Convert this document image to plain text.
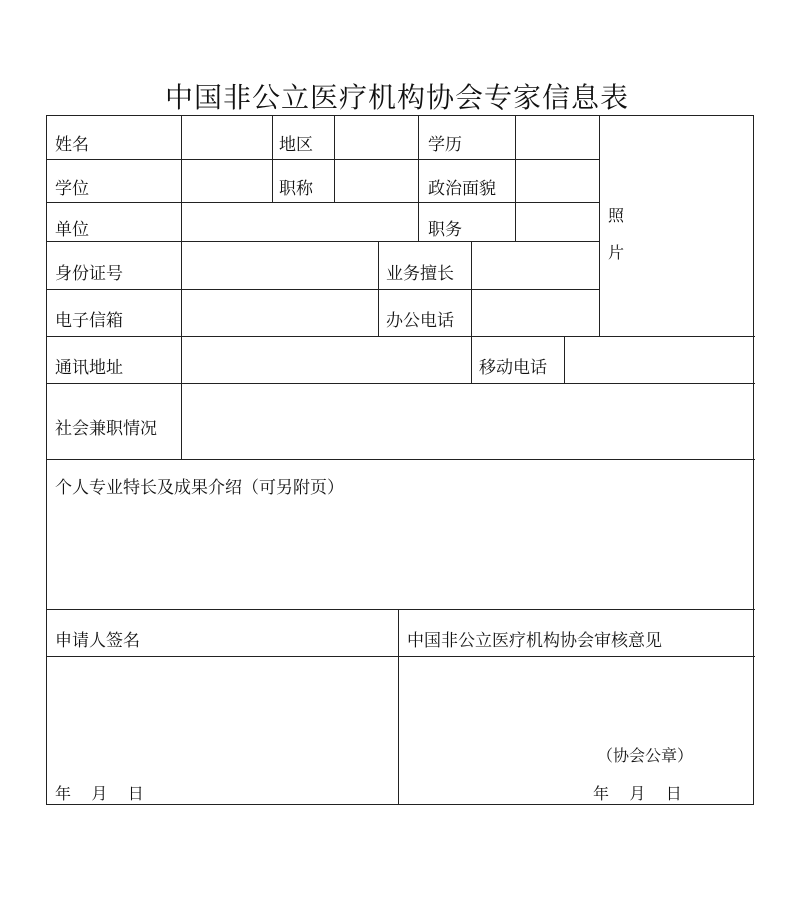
中国非公立医疗机构协会专家信息表
姓名	地区	学历
学位	职称	政治面貌
单位	职务
身份证号	业务擅长
电子信箱	办公电话
照
片
通讯地址	移动电话
社会兼职情况
个人专业特长及成果介绍（可另附页）
申请人签名	中国非公立医疗机构协会审核意见
年    月    日
（协会公章）
年    月    日
